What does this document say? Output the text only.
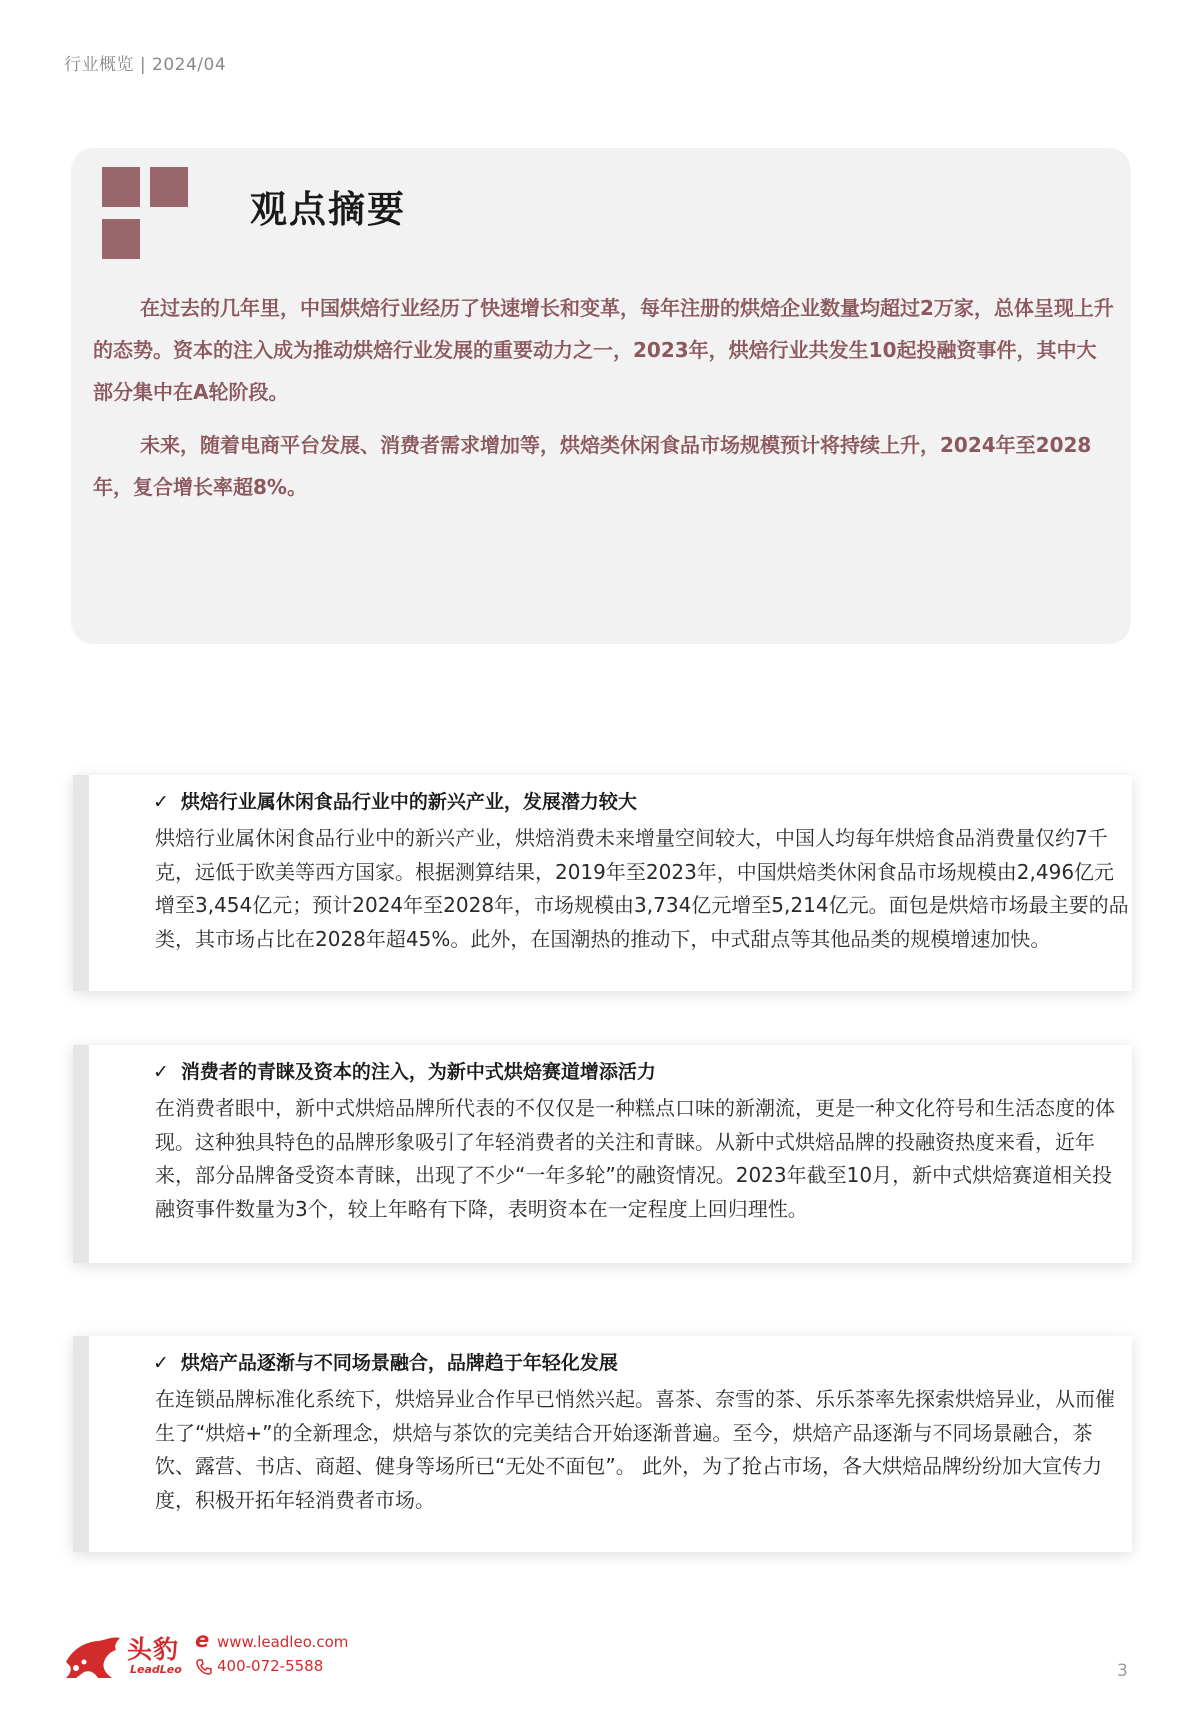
行业概览 | 2024/04
观点摘要

在过去的几年里，中国烘焙行业经历了快速增长和变革，每年注册的烘焙企业数量均超过2万家，总体呈现上升的态势。资本的注入成为推动烘焙行业发展的重要动力之一，2023年，烘焙行业共发生10起投融资事件，其中大部分集中在A轮阶段。

未来，随着电商平台发展、消费者需求增加等，烘焙类休闲食品市场规模预计将持续上升，2024年至2028年，复合增长率超8%。

✓ 烘焙行业属休闲食品行业中的新兴产业，发展潜力较大

烘焙行业属休闲食品行业中的新兴产业，烘焙消费未来增量空间较大，中国人均每年烘焙食品消费量仅约7千克，远低于欧美等西方国家。根据测算结果，2019年至2023年，中国烘焙类休闲食品市场规模由2,496亿元增至3,454亿元；预计2024年至2028年，市场规模由3,734亿元增至5,214亿元。面包是烘焙市场最主要的品类，其市场占比在2028年超45%。此外，在国潮热的推动下，中式甜点等其他品类的规模增速加快。

✓ 消费者的青睐及资本的注入，为新中式烘焙赛道增添活力

在消费者眼中，新中式烘焙品牌所代表的不仅仅是一种糕点口味的新潮流，更是一种文化符号和生活态度的体现。这种独具特色的品牌形象吸引了年轻消费者的关注和青睐。从新中式烘焙品牌的投融资热度来看，近年来，部分品牌备受资本青睐，出现了不少“一年多轮”的融资情况。2023年截至10月，新中式烘焙赛道相关投融资事件数量为3个，较上年略有下降，表明资本在一定程度上回归理性。

✓ 烘焙产品逐渐与不同场景融合，品牌趋于年轻化发展

在连锁品牌标准化系统下，烘焙异业合作早已悄然兴起。喜茶、奈雪的茶、乐乐茶率先探索烘焙异业，从而催生了“烘焙+”的全新理念，烘焙与茶饮的完美结合开始逐渐普遍。至今，烘焙产品逐渐与不同场景融合，茶饮、露营、书店、商超、健身等场所已“无处不面包”。 此外，为了抢占市场，各大烘焙品牌纷纷加大宣传力度，积极开拓年轻消费者市场。

头豹
LeadLeo
e www.leadleo.com
400-072-5588	3
